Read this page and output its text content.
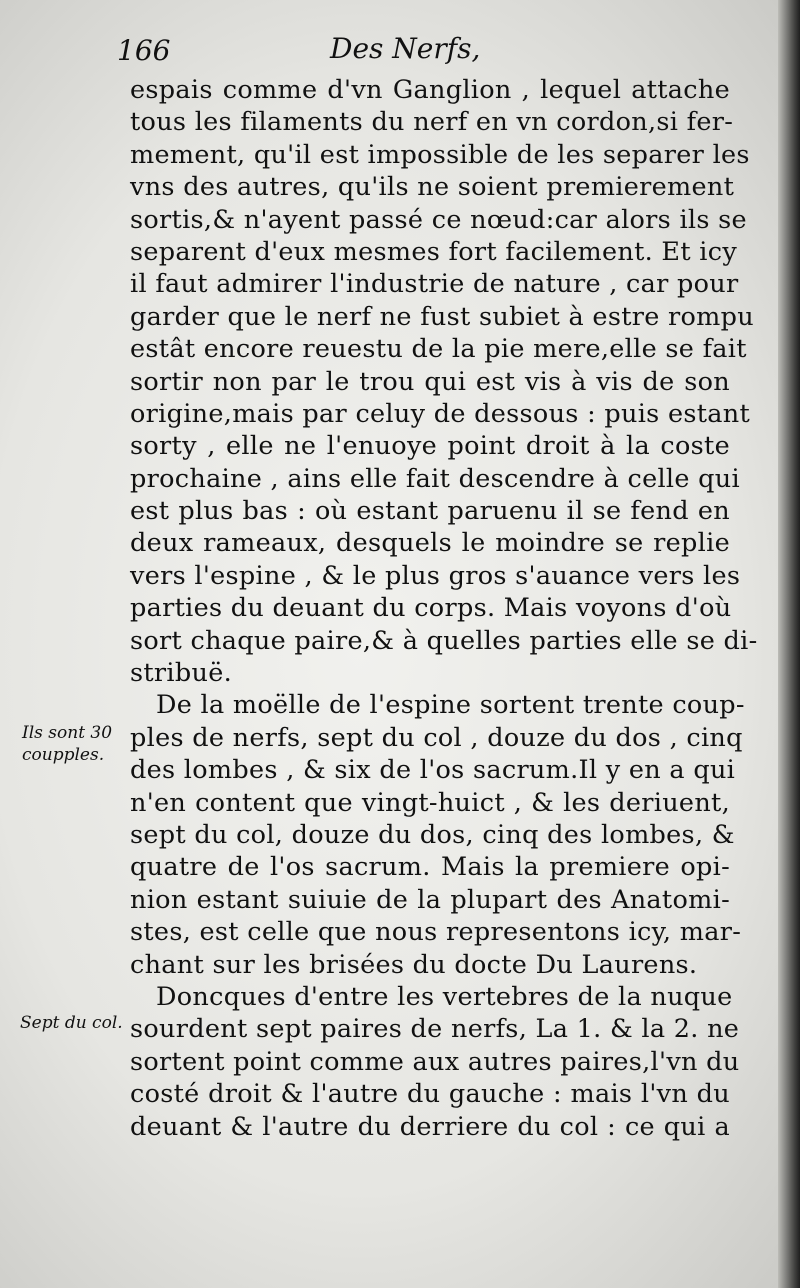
166	Des Nerfs,
Ils sont 30
coupples.
Sept du col.
espais comme d'vn Ganglion , lequel attache
tous les filaments du nerf en vn cordon,si fer-
mement, qu'il est impossible de les separer les
vns des autres, qu'ils ne soient premierement
sortis,& n'ayent passé ce nœud:car alors ils se
separent d'eux mesmes fort facilement. Et icy
il faut admirer l'industrie de nature , car pour
garder que le nerf ne fust subiet à estre rompu
estât encore reuestu de la pie mere,elle se fait
sortir non par le trou qui est vis à vis de son
origine,mais par celuy de dessous : puis estant
sorty , elle ne l'enuoye point droit à la coste
prochaine , ains elle fait descendre à celle qui
est plus bas : où estant paruenu il se fend en
deux rameaux, desquels le moindre se replie
vers l'espine , & le plus gros s'auance vers les
parties du deuant du corps. Mais voyons d'où
sort chaque paire,& à quelles parties elle se di-
stribuë.
De la moëlle de l'espine sortent trente coup-
ples de nerfs, sept du col , douze du dos , cinq
des lombes , & six de l'os sacrum.Il y en a qui
n'en content que vingt-huict , & les deriuent,
sept du col, douze du dos, cinq des lombes, &
quatre de l'os sacrum. Mais la premiere opi-
nion estant suiuie de la plupart des Anatomi-
stes, est celle que nous representons icy, mar-
chant sur les brisées du docte Du Laurens.
Doncques d'entre les vertebres de la nuque
sourdent sept paires de nerfs, La 1. & la 2. ne
sortent point comme aux autres paires,l'vn du
costé droit & l'autre du gauche : mais l'vn du
deuant & l'autre du derriere du col : ce qui a
